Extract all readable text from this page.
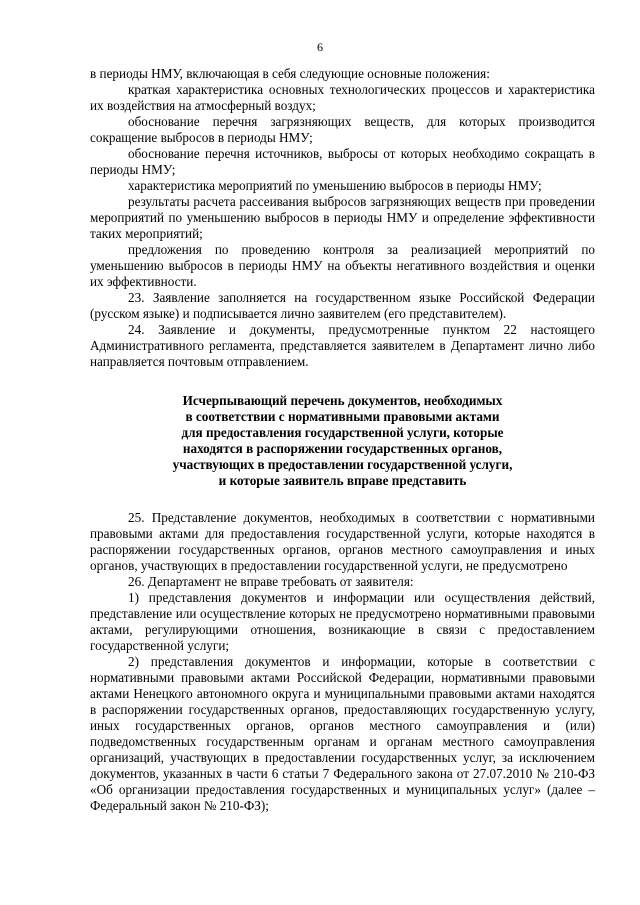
6

в периоды НМУ, включающая в себя следующие основные положения:

краткая характеристика основных технологических процессов и характеристика их воздействия на атмосферный воздух;

обоснование перечня загрязняющих веществ, для которых производится сокращение выбросов в периоды НМУ;

обоснование перечня источников, выбросы от которых необходимо сокращать в периоды НМУ;

характеристика мероприятий по уменьшению выбросов в периоды НМУ;

результаты расчета рассеивания выбросов загрязняющих веществ при проведении мероприятий по уменьшению выбросов в периоды НМУ и определение эффективности таких мероприятий;

предложения по проведению контроля за реализацией мероприятий по уменьшению выбросов в периоды НМУ на объекты негативного воздействия и оценки их эффективности.

23. Заявление заполняется на государственном языке Российской Федерации (русском языке) и подписывается лично заявителем (его представителем).

24. Заявление и документы, предусмотренные пунктом 22 настоящего Административного регламента, представляется заявителем в Департамент лично либо направляется почтовым отправлением.

Исчерпывающий перечень документов, необходимых
в соответствии с нормативными правовыми актами
для предоставления государственной услуги, которые
находятся в распоряжении государственных органов,
участвующих в предоставлении государственной услуги,
и которые заявитель вправе представить

25. Представление документов, необходимых в соответствии с нормативными правовыми актами для предоставления государственной услуги, которые находятся в распоряжении государственных органов, органов местного самоуправления и иных органов, участвующих в предоставлении государственной услуги, не предусмотрено

26. Департамент не вправе требовать от заявителя:

1) представления документов и информации или осуществления действий, представление или осуществление которых не предусмотрено нормативными правовыми актами, регулирующими отношения, возникающие в связи с предоставлением государственной услуги;

2) представления документов и информации, которые в соответствии с нормативными правовыми актами Российской Федерации, нормативными правовыми актами Ненецкого автономного округа и муниципальными правовыми актами находятся в распоряжении государственных органов, предоставляющих государственную услугу, иных государственных органов, органов местного самоуправления и (или) подведомственных государственным органам и органам местного самоуправления организаций, участвующих в предоставлении государственных услуг, за исключением документов, указанных в части 6 статьи 7 Федерального закона от 27.07.2010 № 210-ФЗ «Об организации предоставления государственных и муниципальных услуг» (далее – Федеральный закон № 210-ФЗ);
